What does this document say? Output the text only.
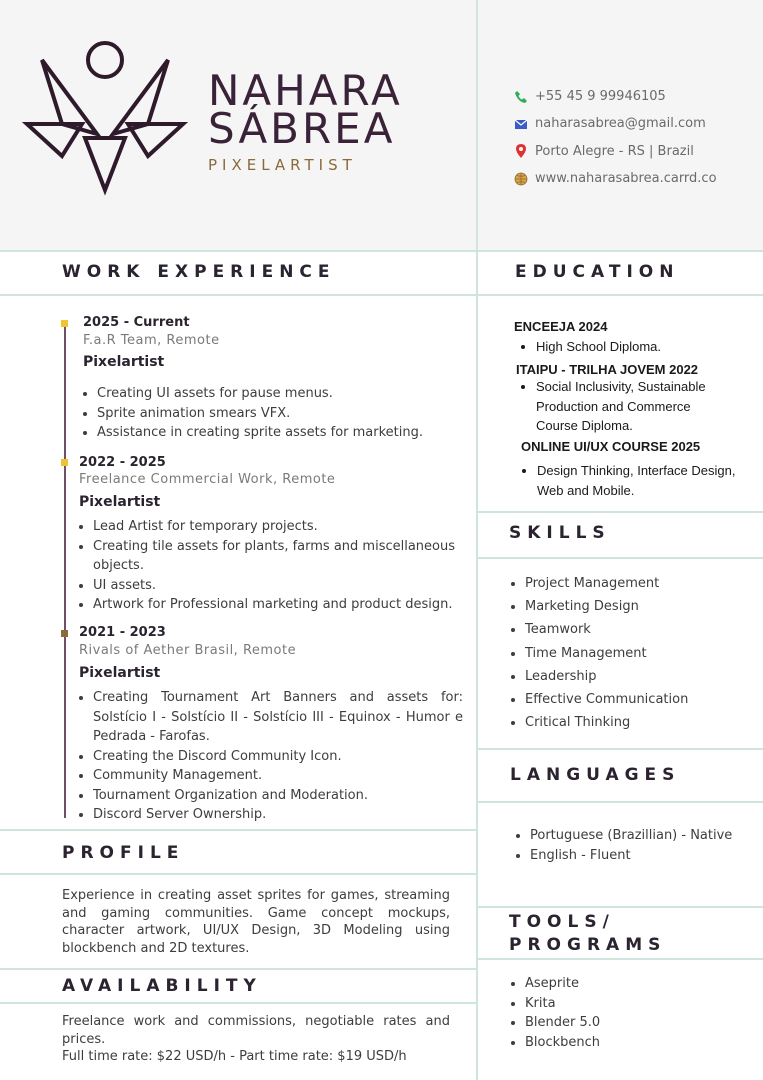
NAHARA
SÁBREA
PIXELARTIST
+55 45 9 99946105
naharasabrea@gmail.com
Porto Alegre - RS | Brazil
www.naharasabrea.carrd.co
WORK EXPERIENCE
2025 - Current
F.a.R Team, Remote
Pixelartist
• Creating UI assets for pause menus.
• Sprite animation smears VFX.
• Assistance in creating sprite assets for marketing.
2022 - 2025
Freelance Commercial Work, Remote
Pixelartist
• Lead Artist for temporary projects.
• Creating tile assets for plants, farms and miscellaneous objects.
• UI assets.
• Artwork for Professional marketing and product design.
2021 - 2023
Rivals of Aether Brasil, Remote
Pixelartist
• Creating Tournament Art Banners and assets for: Solstício I - Solstício II - Solstício III - Equinox - Humor e Pedrada - Farofas.
• Creating the Discord Community Icon.
• Community Management.
• Tournament Organization and Moderation.
• Discord Server Ownership.
PROFILE
Experience in creating asset sprites for games, streaming and gaming communities. Game concept mockups, character artwork, UI/UX Design, 3D Modeling using blockbench and 2D textures.
AVAILABILITY
Freelance work and commissions, negotiable rates and prices.
Full time rate: $22 USD/h - Part time rate: $19 USD/h
EDUCATION
ENCEEJA 2024
• High School Diploma.
ITAIPU - TRILHA JOVEM 2022
• Social Inclusivity, Sustainable Production and Commerce Course Diploma.
ONLINE UI/UX COURSE 2025
• Design Thinking, Interface Design, Web and Mobile.
SKILLS
• Project Management
• Marketing Design
• Teamwork
• Time Management
• Leadership
• Effective Communication
• Critical Thinking
LANGUAGES
• Portuguese (Brazillian) - Native
• English - Fluent
TOOLS/
PROGRAMS
• Aseprite
• Krita
• Blender 5.0
• Blockbench
